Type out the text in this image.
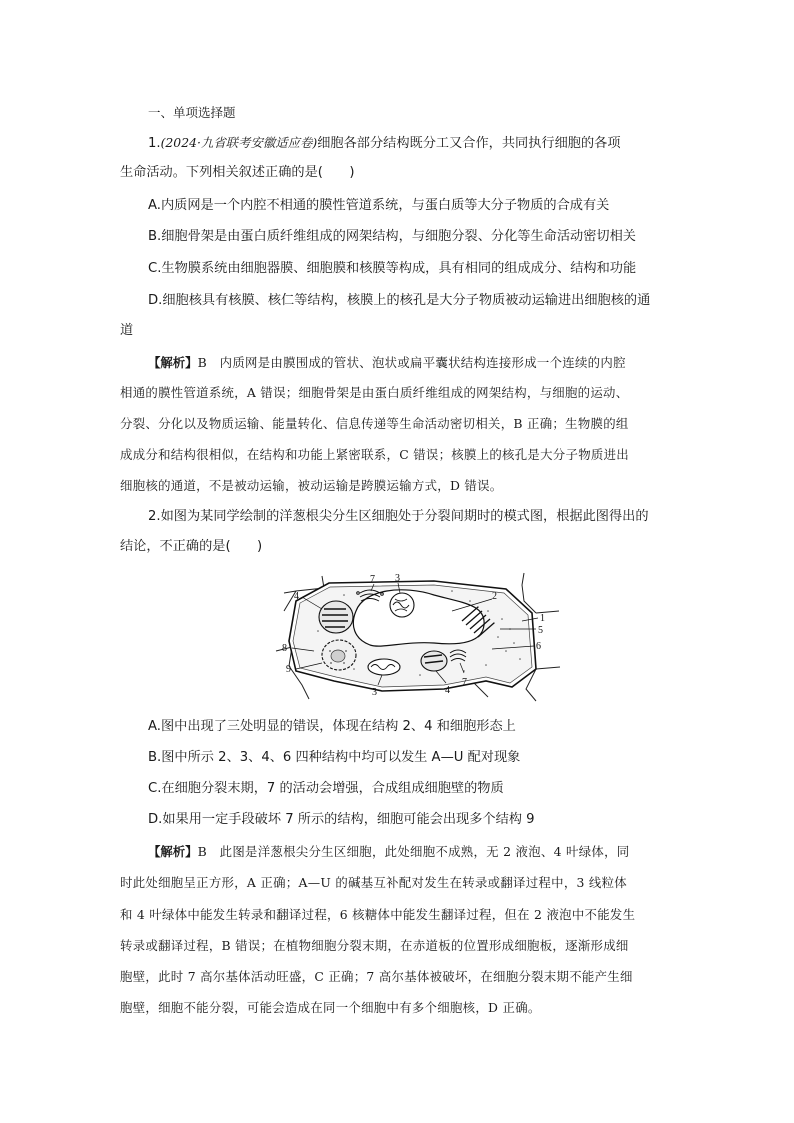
一、单项选择题
1.(2024·九省联考安徽适应卷)细胞各部分结构既分工又合作，共同执行细胞的各项
生命活动。下列相关叙述正确的是(　　)
A.内质网是一个内腔不相通的膜性管道系统，与蛋白质等大分子物质的合成有关
B.细胞骨架是由蛋白质纤维组成的网架结构，与细胞分裂、分化等生命活动密切相关
C.生物膜系统由细胞器膜、细胞膜和核膜等构成，具有相同的组成成分、结构和功能
D.细胞核具有核膜、核仁等结构，核膜上的核孔是大分子物质被动运输进出细胞核的通
道
【解析】B　内质网是由膜围成的管状、泡状或扁平囊状结构连接形成一个连续的内腔
相通的膜性管道系统，A 错误；细胞骨架是由蛋白质纤维组成的网架结构，与细胞的运动、
分裂、分化以及物质运输、能量转化、信息传递等生命活动密切相关，B 正确；生物膜的组
成成分和结构很相似，在结构和功能上紧密联系，C 错误；核膜上的核孔是大分子物质进出
细胞核的通道，不是被动运输，被动运输是跨膜运输方式，D 错误。
2.如图为某同学绘制的洋葱根尖分生区细胞处于分裂间期时的模式图，根据此图得出的
结论，不正确的是(　　)
7 3
4	2
1
5
6
8
9
3	4
7
A.图中出现了三处明显的错误，体现在结构 2、4 和细胞形态上
B.图中所示 2、3、4、6 四种结构中均可以发生 A—U 配对现象
C.在细胞分裂末期，7 的活动会增强，合成组成细胞壁的物质
D.如果用一定手段破坏 7 所示的结构，细胞可能会出现多个结构 9
【解析】B　此图是洋葱根尖分生区细胞，此处细胞不成熟，无 2 液泡、4 叶绿体，同
时此处细胞呈正方形，A 正确；A—U 的碱基互补配对发生在转录或翻译过程中，3 线粒体
和 4 叶绿体中能发生转录和翻译过程，6 核糖体中能发生翻译过程，但在 2 液泡中不能发生
转录或翻译过程，B 错误；在植物细胞分裂末期，在赤道板的位置形成细胞板，逐渐形成细
胞壁，此时 7 高尔基体活动旺盛，C 正确；7 高尔基体被破坏，在细胞分裂末期不能产生细
胞壁，细胞不能分裂，可能会造成在同一个细胞中有多个细胞核，D 正确。
